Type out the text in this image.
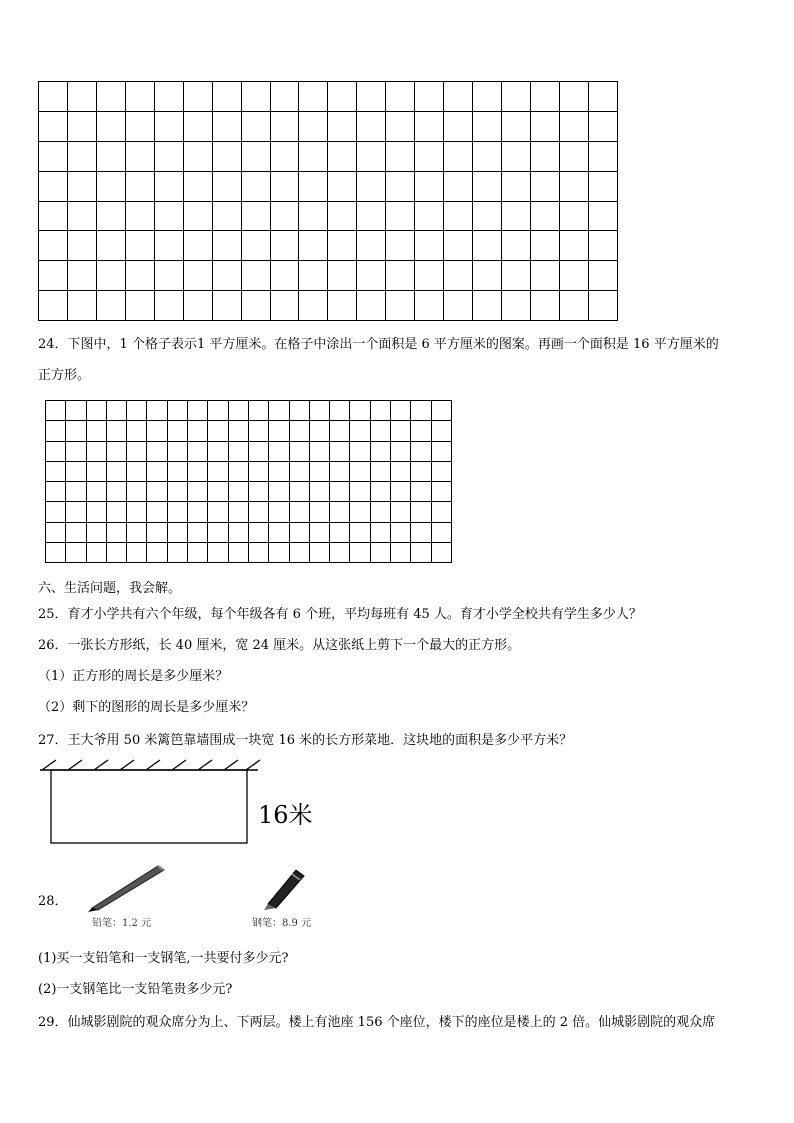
24．下图中，1 个格子表示1 平方厘米。在格子中涂出一个面积是 6 平方厘米的图案。再画一个面积是 16 平方厘米的
正方形。

六、生活问题，我会解。
25．育才小学共有六个年级，每个年级各有 6 个班，平均每班有 45 人。育才小学全校共有学生多少人？
26．一张长方形纸，长 40 厘米，宽 24 厘米。从这张纸上剪下一个最大的正方形。
（1）正方形的周长是多少厘米？
（2）剩下的图形的周长是多少厘米？
27．王大爷用 50 米篱笆靠墙围成一块宽 16 米的长方形菜地．这块地的面积是多少平方米？
16米
28．
铅笔：1.2 元	钢笔：8.9 元
(1)买一支铅笔和一支钢笔,一共要付多少元?
(2)一支钢笔比一支铅笔贵多少元?
29．仙城影剧院的观众席分为上、下两层。楼上有池座 156 个座位，楼下的座位是楼上的 2 倍。仙城影剧院的观众席
